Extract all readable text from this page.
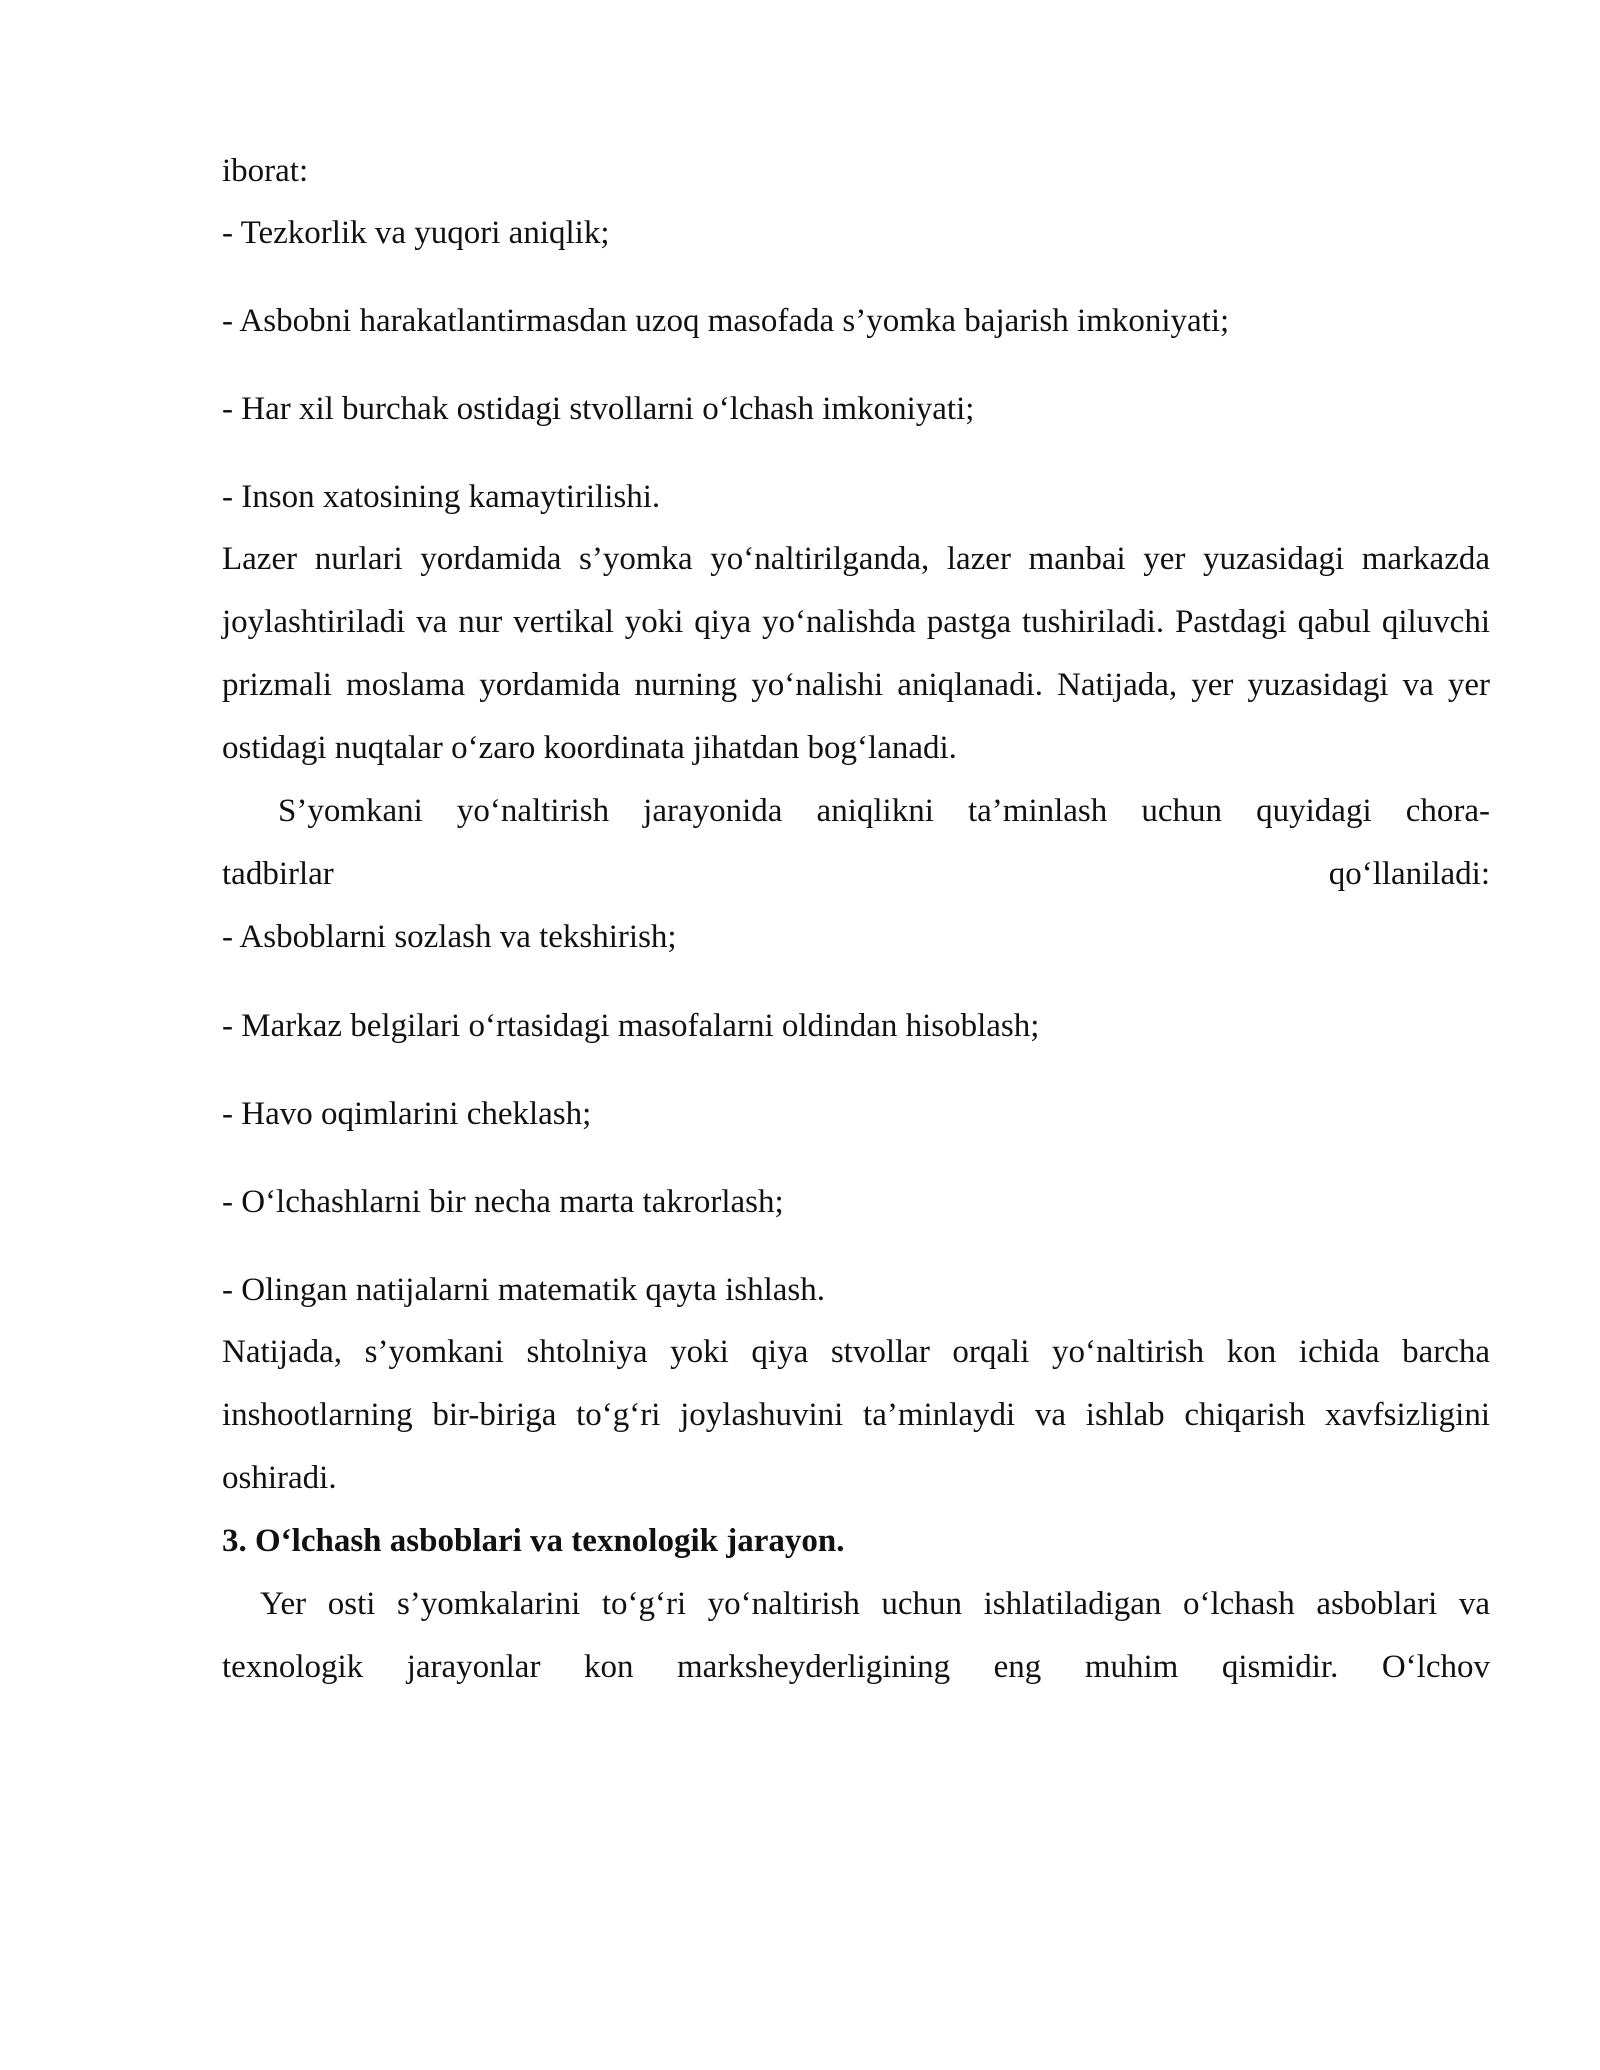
iborat:

- Tezkorlik va yuqori aniqlik;

- Asbobni harakatlantirmasdan uzoq masofada s’yomka bajarish imkoniyati;

- Har xil burchak ostidagi stvollarni o‘lchash imkoniyati;

- Inson xatosining kamaytirilishi.

Lazer nurlari yordamida s’yomka yo‘naltirilganda, lazer manbai yer yuzasidagi markazda joylashtiriladi va nur vertikal yoki qiya yo‘nalishda pastga tushiriladi. Pastdagi qabul qiluvchi prizmali moslama yordamida nurning yo‘nalishi aniqlanadi. Natijada, yer yuzasidagi va yer ostidagi nuqtalar o‘zaro koordinata jihatdan bog‘lanadi.

S’yomkani yo‘naltirish jarayonida aniqlikni ta’minlash uchun quyidagi chora-

tadbirlar	qo‘llaniladi:

- Asboblarni sozlash va tekshirish;

- Markaz belgilari o‘rtasidagi masofalarni oldindan hisoblash;

- Havo oqimlarini cheklash;

- O‘lchashlarni bir necha marta takrorlash;

- Olingan natijalarni matematik qayta ishlash.

Natijada, s’yomkani shtolniya yoki qiya stvollar orqali yo‘naltirish kon ichida barcha inshootlarning bir-biriga to‘g‘ri joylashuvini ta’minlaydi va ishlab chiqarish xavfsizligini oshiradi.

3. O‘lchash asboblari va texnologik jarayon.

Yer osti s’yomkalarini to‘g‘ri yo‘naltirish uchun ishlatiladigan o‘lchash asboblari va texnologik jarayonlar kon marksheyderligining eng muhim qismidir. O‘lchov
